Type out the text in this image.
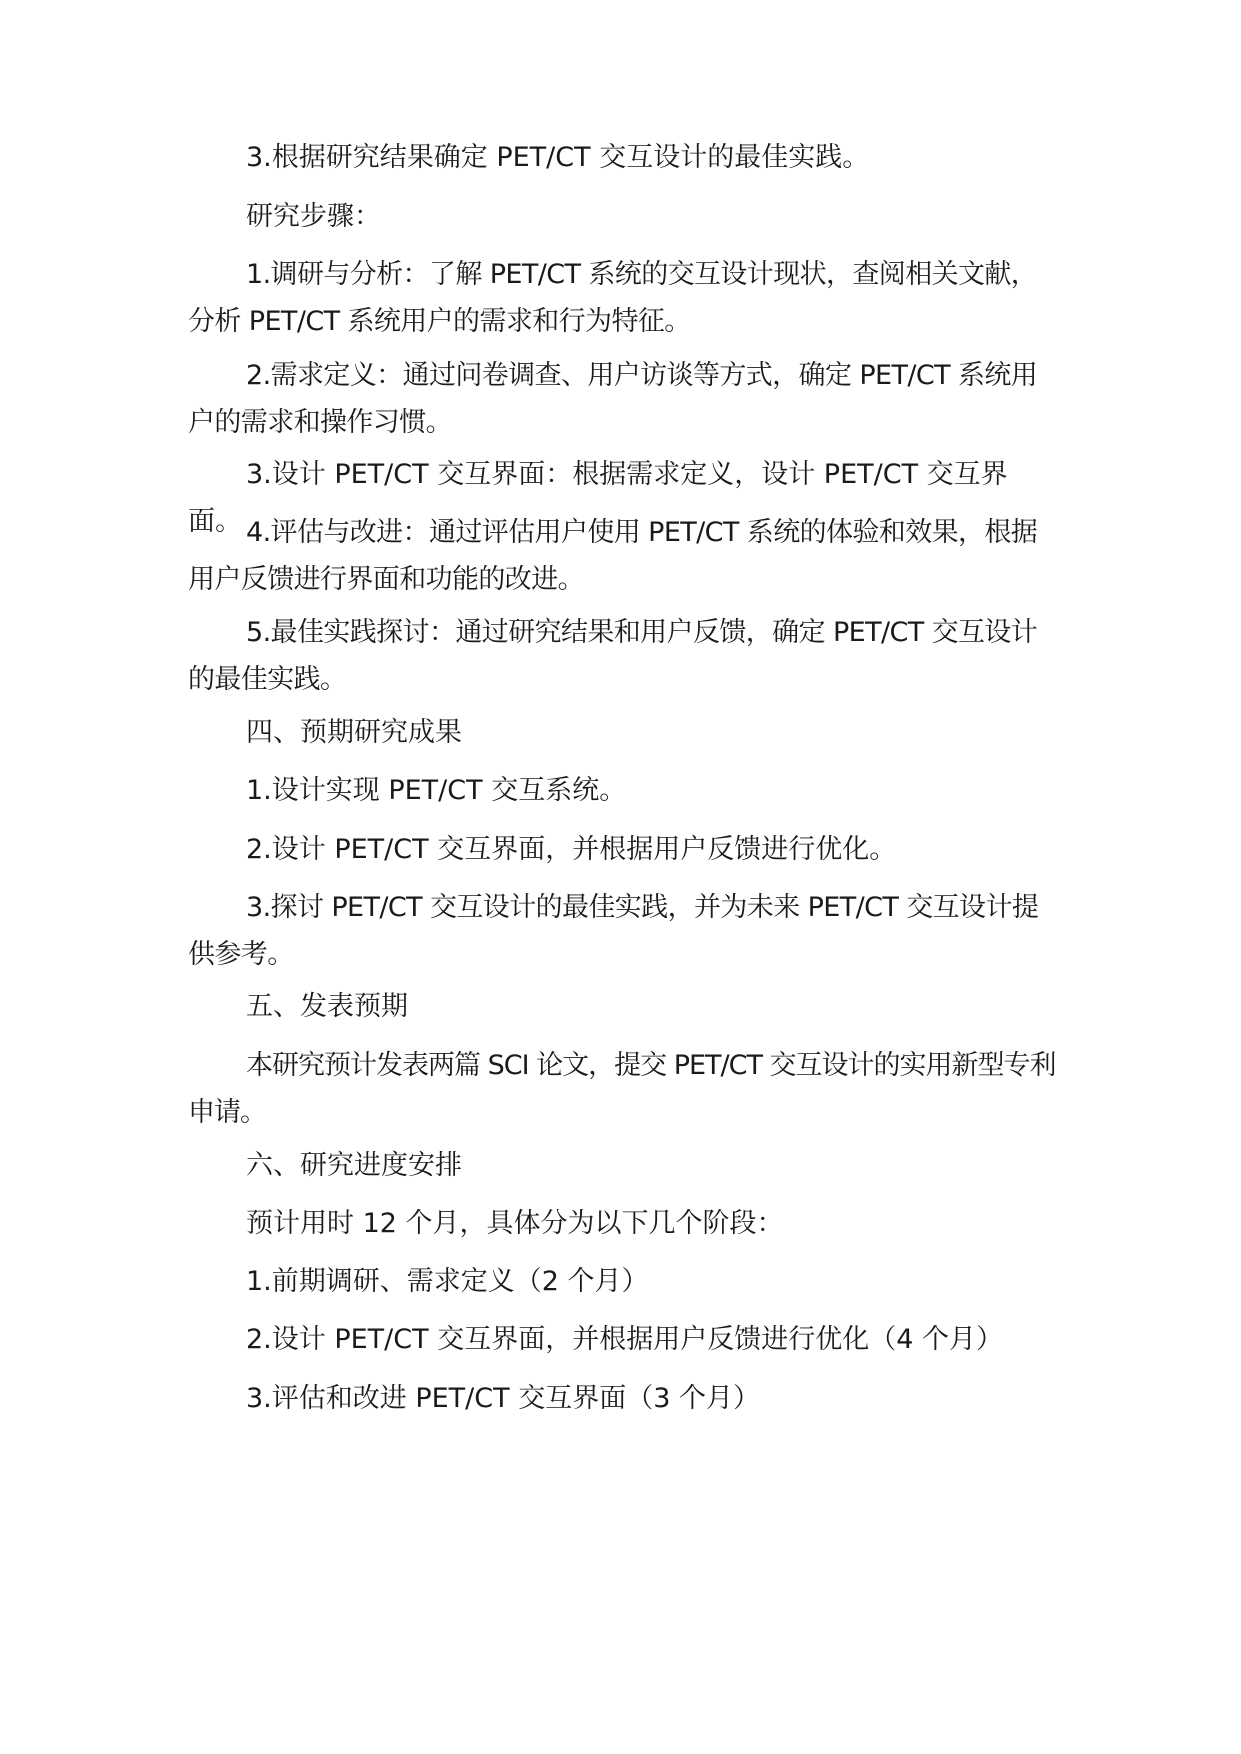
3.根据研究结果确定 PET/CT 交互设计的最佳实践。

研究步骤：

1.调研与分析：了解 PET/CT 系统的交互设计现状，查阅相关文献，分析 PET/CT 系统用户的需求和行为特征。

2.需求定义：通过问卷调查、用户访谈等方式，确定 PET/CT 系统用户的需求和操作习惯。

3.设计 PET/CT 交互界面：根据需求定义，设计 PET/CT 交互界面。 4.评估与改进：通过评估用户使用 PET/CT 系统的体验和效果，根据用户反馈进行界面和功能的改进。

5.最佳实践探讨：通过研究结果和用户反馈，确定 PET/CT 交互设计的最佳实践。

四、预期研究成果

1.设计实现 PET/CT 交互系统。

2.设计 PET/CT 交互界面，并根据用户反馈进行优化。

3.探讨 PET/CT 交互设计的最佳实践，并为未来 PET/CT 交互设计提供参考。

五、发表预期

本研究预计发表两篇 SCI 论文，提交 PET/CT 交互设计的实用新型专利申请。

六、研究进度安排

预计用时 12 个月，具体分为以下几个阶段：

1.前期调研、需求定义（2 个月）

2.设计 PET/CT 交互界面，并根据用户反馈进行优化（4 个月）

3.评估和改进 PET/CT 交互界面（3 个月）
